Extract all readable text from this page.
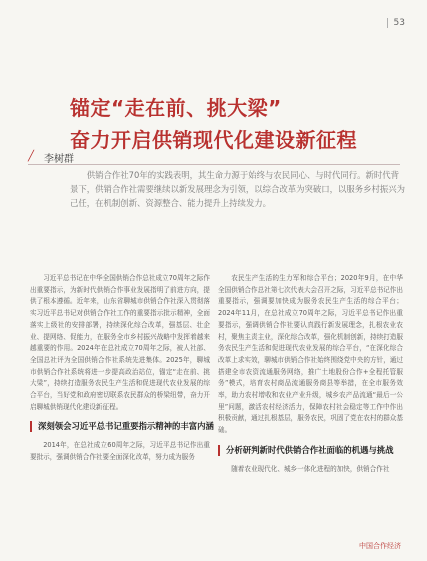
53
锚定“走在前、挑大梁”
奋力开启供销现代化建设新征程
╱ 李树群

供销合作社70年的实践表明，其生命力源于始终与农民同心、与时代同行。新时代背景下，供销合作社需要继续以新发展理念为引领，以综合改革为突破口，以服务乡村振兴为己任，在机制创新、资源整合、能力提升上持续发力。

习近平总书记在中华全国供销合作总社成立70周年之际作出重要指示，为新时代供销合作事业发展指明了前进方向，提供了根本遵循。近年来，山东省聊城市供销合作社深入贯彻落实习近平总书记对供销合作社工作的重要指示批示精神，全面落实上级社的安排部署，持续深化综合改革，强基层、壮企业、提网络、促能力，在服务全市乡村振兴战略中发挥着越来越重要的作用。2024年在总社成立70周年之际，被人社部、全国总社评为全国供销合作社系统先进集体。2025年，聊城市供销合作社系统将进一步提高政治站位，锚定“走在前、挑大梁”，持续打造服务农民生产生活和促进现代农业发展的综合平台，当好党和政府密切联系农民群众的桥梁纽带，奋力开启聊城供销现代化建设新征程。

深刻领会习近平总书记重要指示精神的丰富内涵

2014年，在总社成立60周年之际，习近平总书记作出重要批示，强调供销合作社要全面深化改革，努力成为服务

农民生产生活的生力军和综合平台；2020年9月，在中华全国供销合作总社第七次代表大会召开之际，习近平总书记作出重要指示，强调要加快成为服务农民生产生活的综合平台；2024年11月，在总社成立70周年之际，习近平总书记作出重要指示，强调供销合作社要认真践行新发展理念，扎根农业农村，聚焦主责主业，深化综合改革，强化机制创新，持续打造服务农民生产生活和促进现代农业发展的综合平台，“在深化综合改革上求实效，聊城市供销合作社始终围绕党中央的方针，通过搭建全市农资流通服务网络，推广土地股份合作+全程托管服务”模式，培育农村商品流通服务商县等举措，在全市服务效率，助力农村增收和农业产业升级，城乡农产品流通“最后一公里”问题，激活农村经济活力，保障农村社会稳定等工作中作出积极贡献，通过扎根基层，服务农民，巩固了党在农村的群众基础。

分析研判新时代供销合作社面临的机遇与挑战

随着农业现代化、城乡一体化进程的加快，供销合作社

中国合作经济
